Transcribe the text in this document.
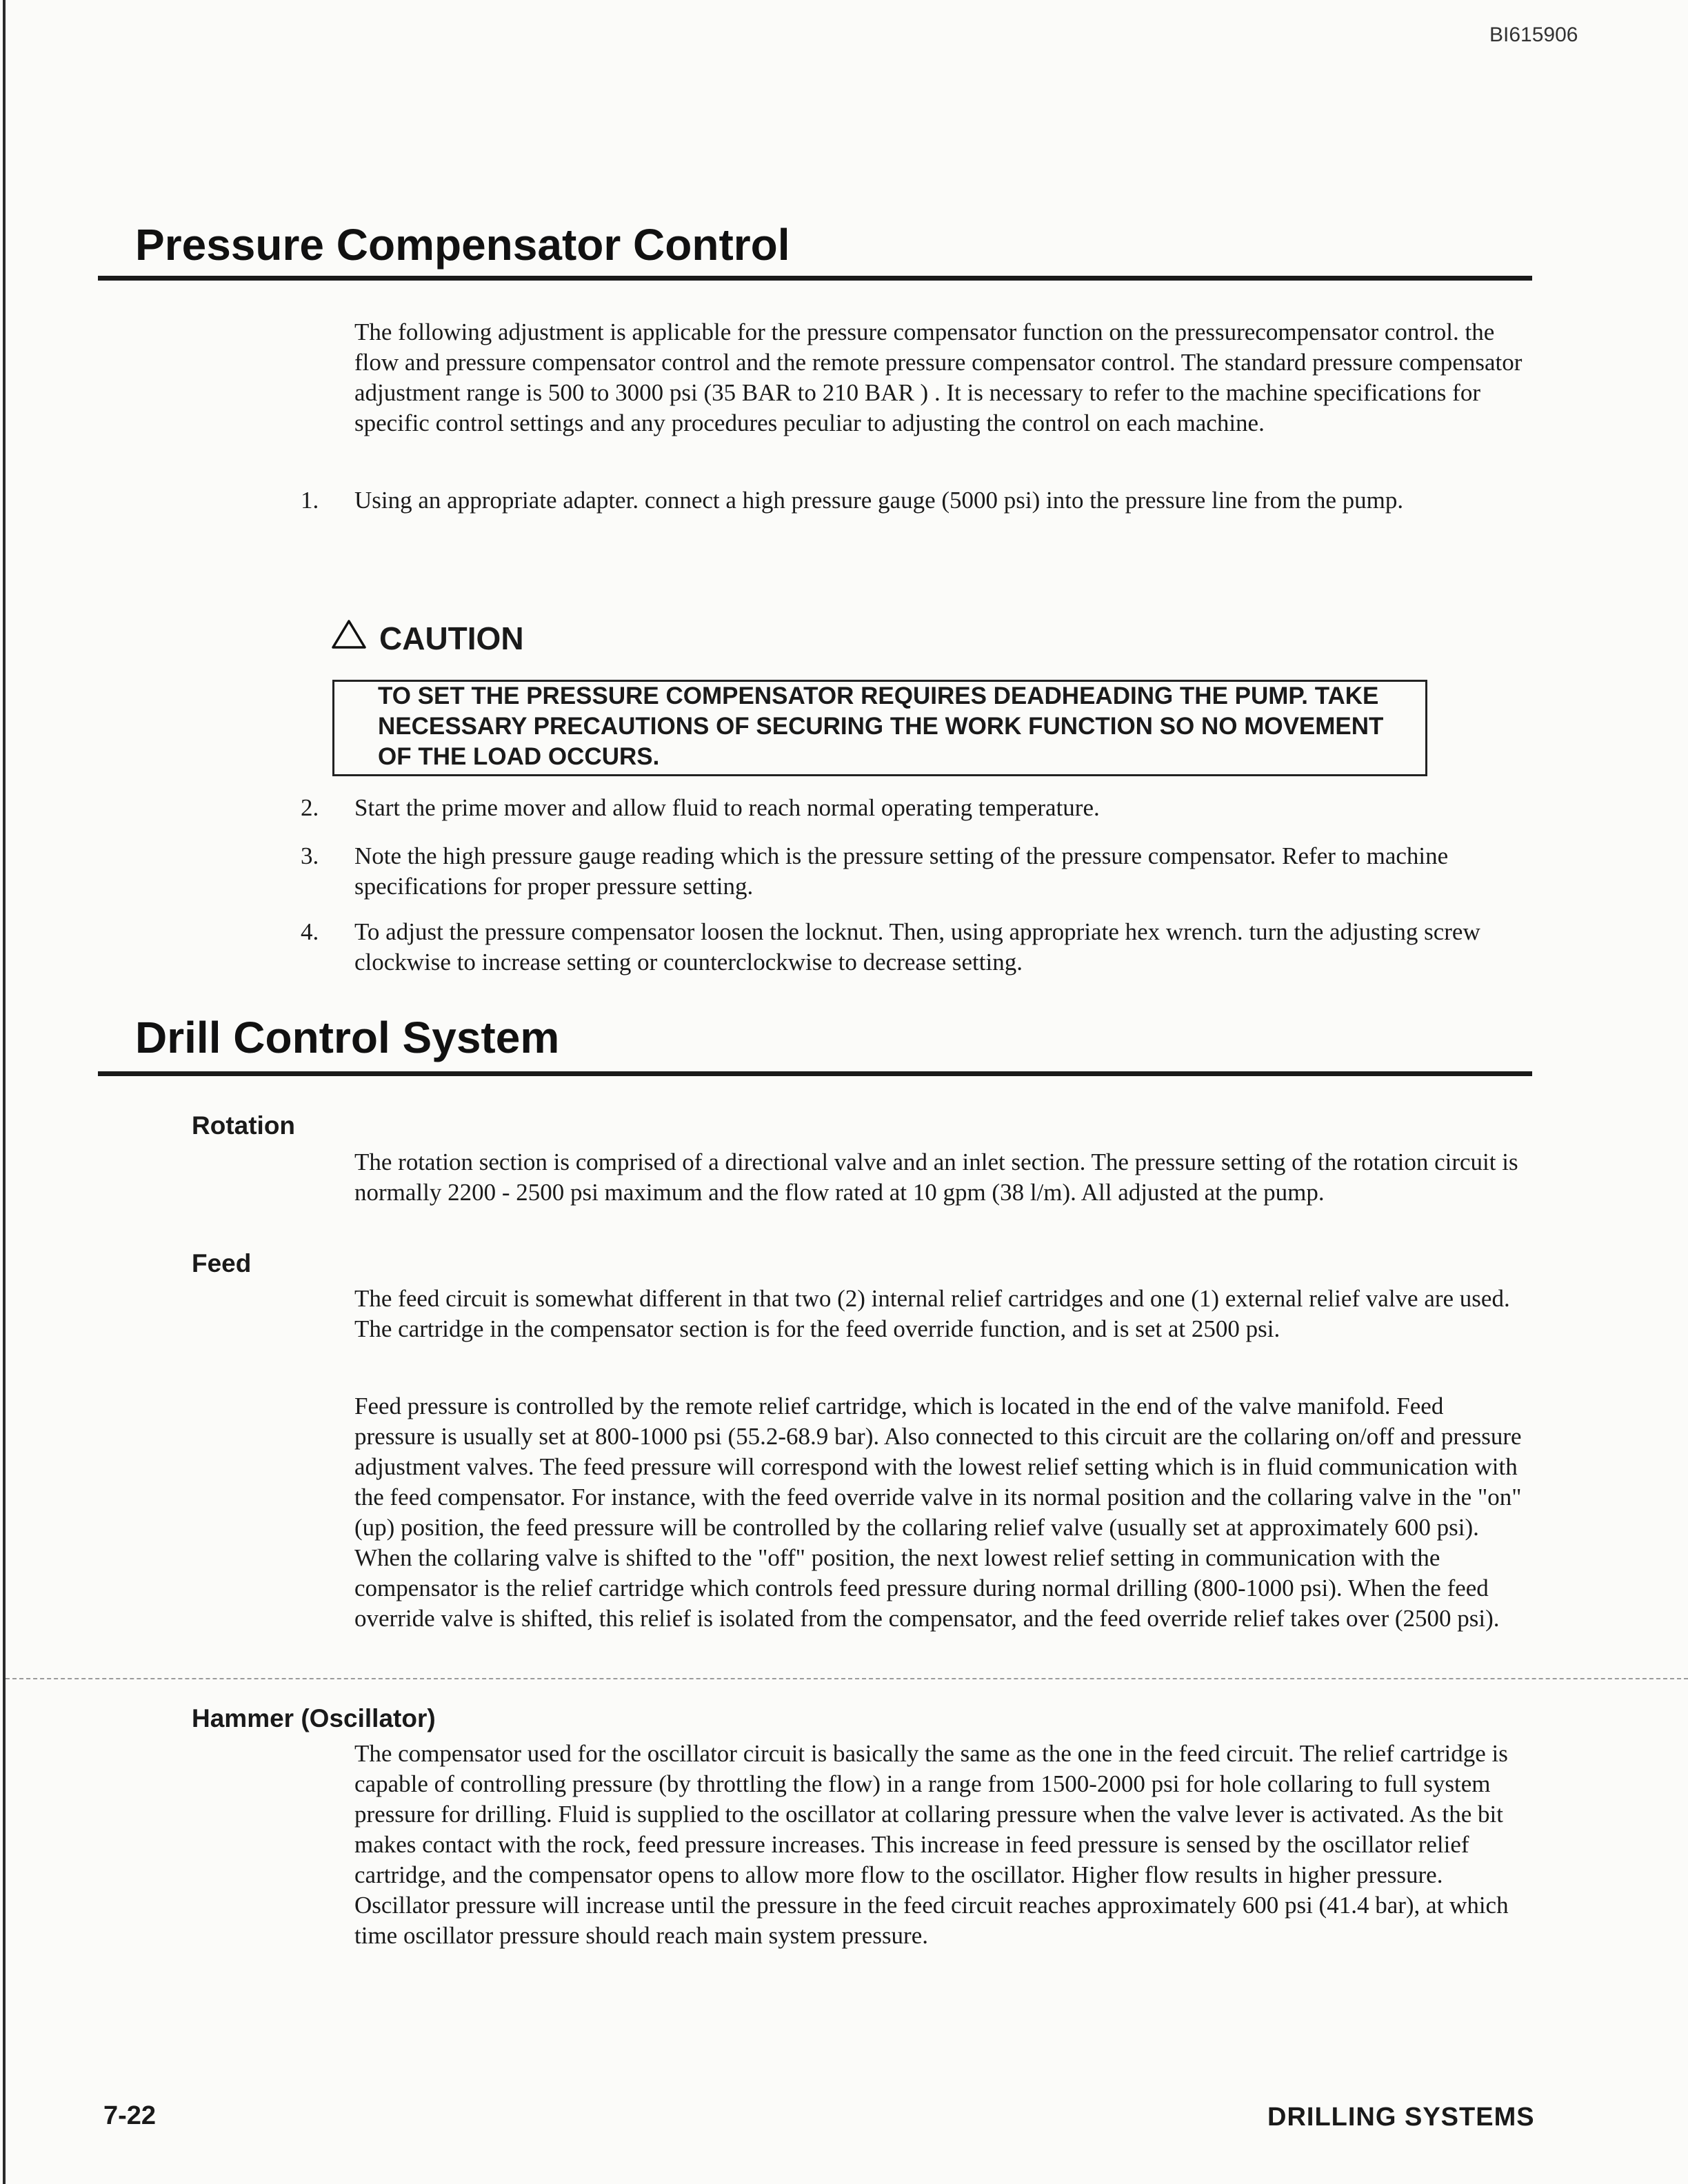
BI615906
Pressure Compensator Control
The following adjustment is applicable for the pressure compensator function on the pressurecompensator control. the flow and pressure compensator control and the remote pressure compensator control. The standard pressure compensator adjustment range is 500 to 3000 psi (35 BAR to 210 BAR ) . It is necessary to refer to the machine specifications for specific control settings and any procedures peculiar to adjusting the control on each machine.
1. Using an appropriate adapter. connect a high pressure gauge (5000 psi) into the pressure line from the pump.
CAUTION
TO SET THE PRESSURE COMPENSATOR REQUIRES DEADHEADING THE PUMP. TAKE NECESSARY PRECAUTIONS OF SECURING THE WORK FUNCTION SO NO MOVEMENT OF THE LOAD OCCURS.
2. Start the prime mover and allow fluid to reach normal operating temperature.
3. Note the high pressure gauge reading which is the pressure setting of the pressure compensator. Refer to machine specifications for proper pressure setting.
4. To adjust the pressure compensator loosen the locknut. Then, using appropriate hex wrench. turn the adjusting screw clockwise to increase setting or counterclockwise to decrease setting.
Drill Control System
Rotation
The rotation section is comprised of a directional valve and an inlet section. The pressure setting of the rotation circuit is normally 2200 - 2500 psi maximum and the flow rated at 10 gpm (38 l/m). All adjusted at the pump.
Feed
The feed circuit is somewhat different in that two (2) internal relief cartridges and one (1) external relief valve are used. The cartridge in the compensator section is for the feed override function, and is set at 2500 psi.
Feed pressure is controlled by the remote relief cartridge, which is located in the end of the valve manifold. Feed pressure is usually set at 800-1000 psi (55.2-68.9 bar). Also connected to this circuit are the collaring on/off and pressure adjustment valves. The feed pressure will correspond with the lowest relief setting which is in fluid communication with the feed compensator. For instance, with the feed override valve in its normal position and the collaring valve in the "on" (up) position, the feed pressure will be controlled by the collaring relief valve (usually set at approximately 600 psi). When the collaring valve is shifted to the "off" position, the next lowest relief setting in communication with the compensator is the relief cartridge which controls feed pressure during normal drilling (800-1000 psi). When the feed override valve is shifted, this relief is isolated from the compensator, and the feed override relief takes over (2500 psi).
Hammer (Oscillator)
The compensator used for the oscillator circuit is basically the same as the one in the feed circuit. The relief cartridge is capable of controlling pressure (by throttling the flow) in a range from 1500-2000 psi for hole collaring to full system pressure for drilling. Fluid is supplied to the oscillator at collaring pressure when the valve lever is activated. As the bit makes contact with the rock, feed pressure increases. This increase in feed pressure is sensed by the oscillator relief cartridge, and the compensator opens to allow more flow to the oscillator. Higher flow results in higher pressure. Oscillator pressure will increase until the pressure in the feed circuit reaches approximately 600 psi (41.4 bar), at which time oscillator pressure should reach main system pressure.
7-22	DRILLING SYSTEMS
